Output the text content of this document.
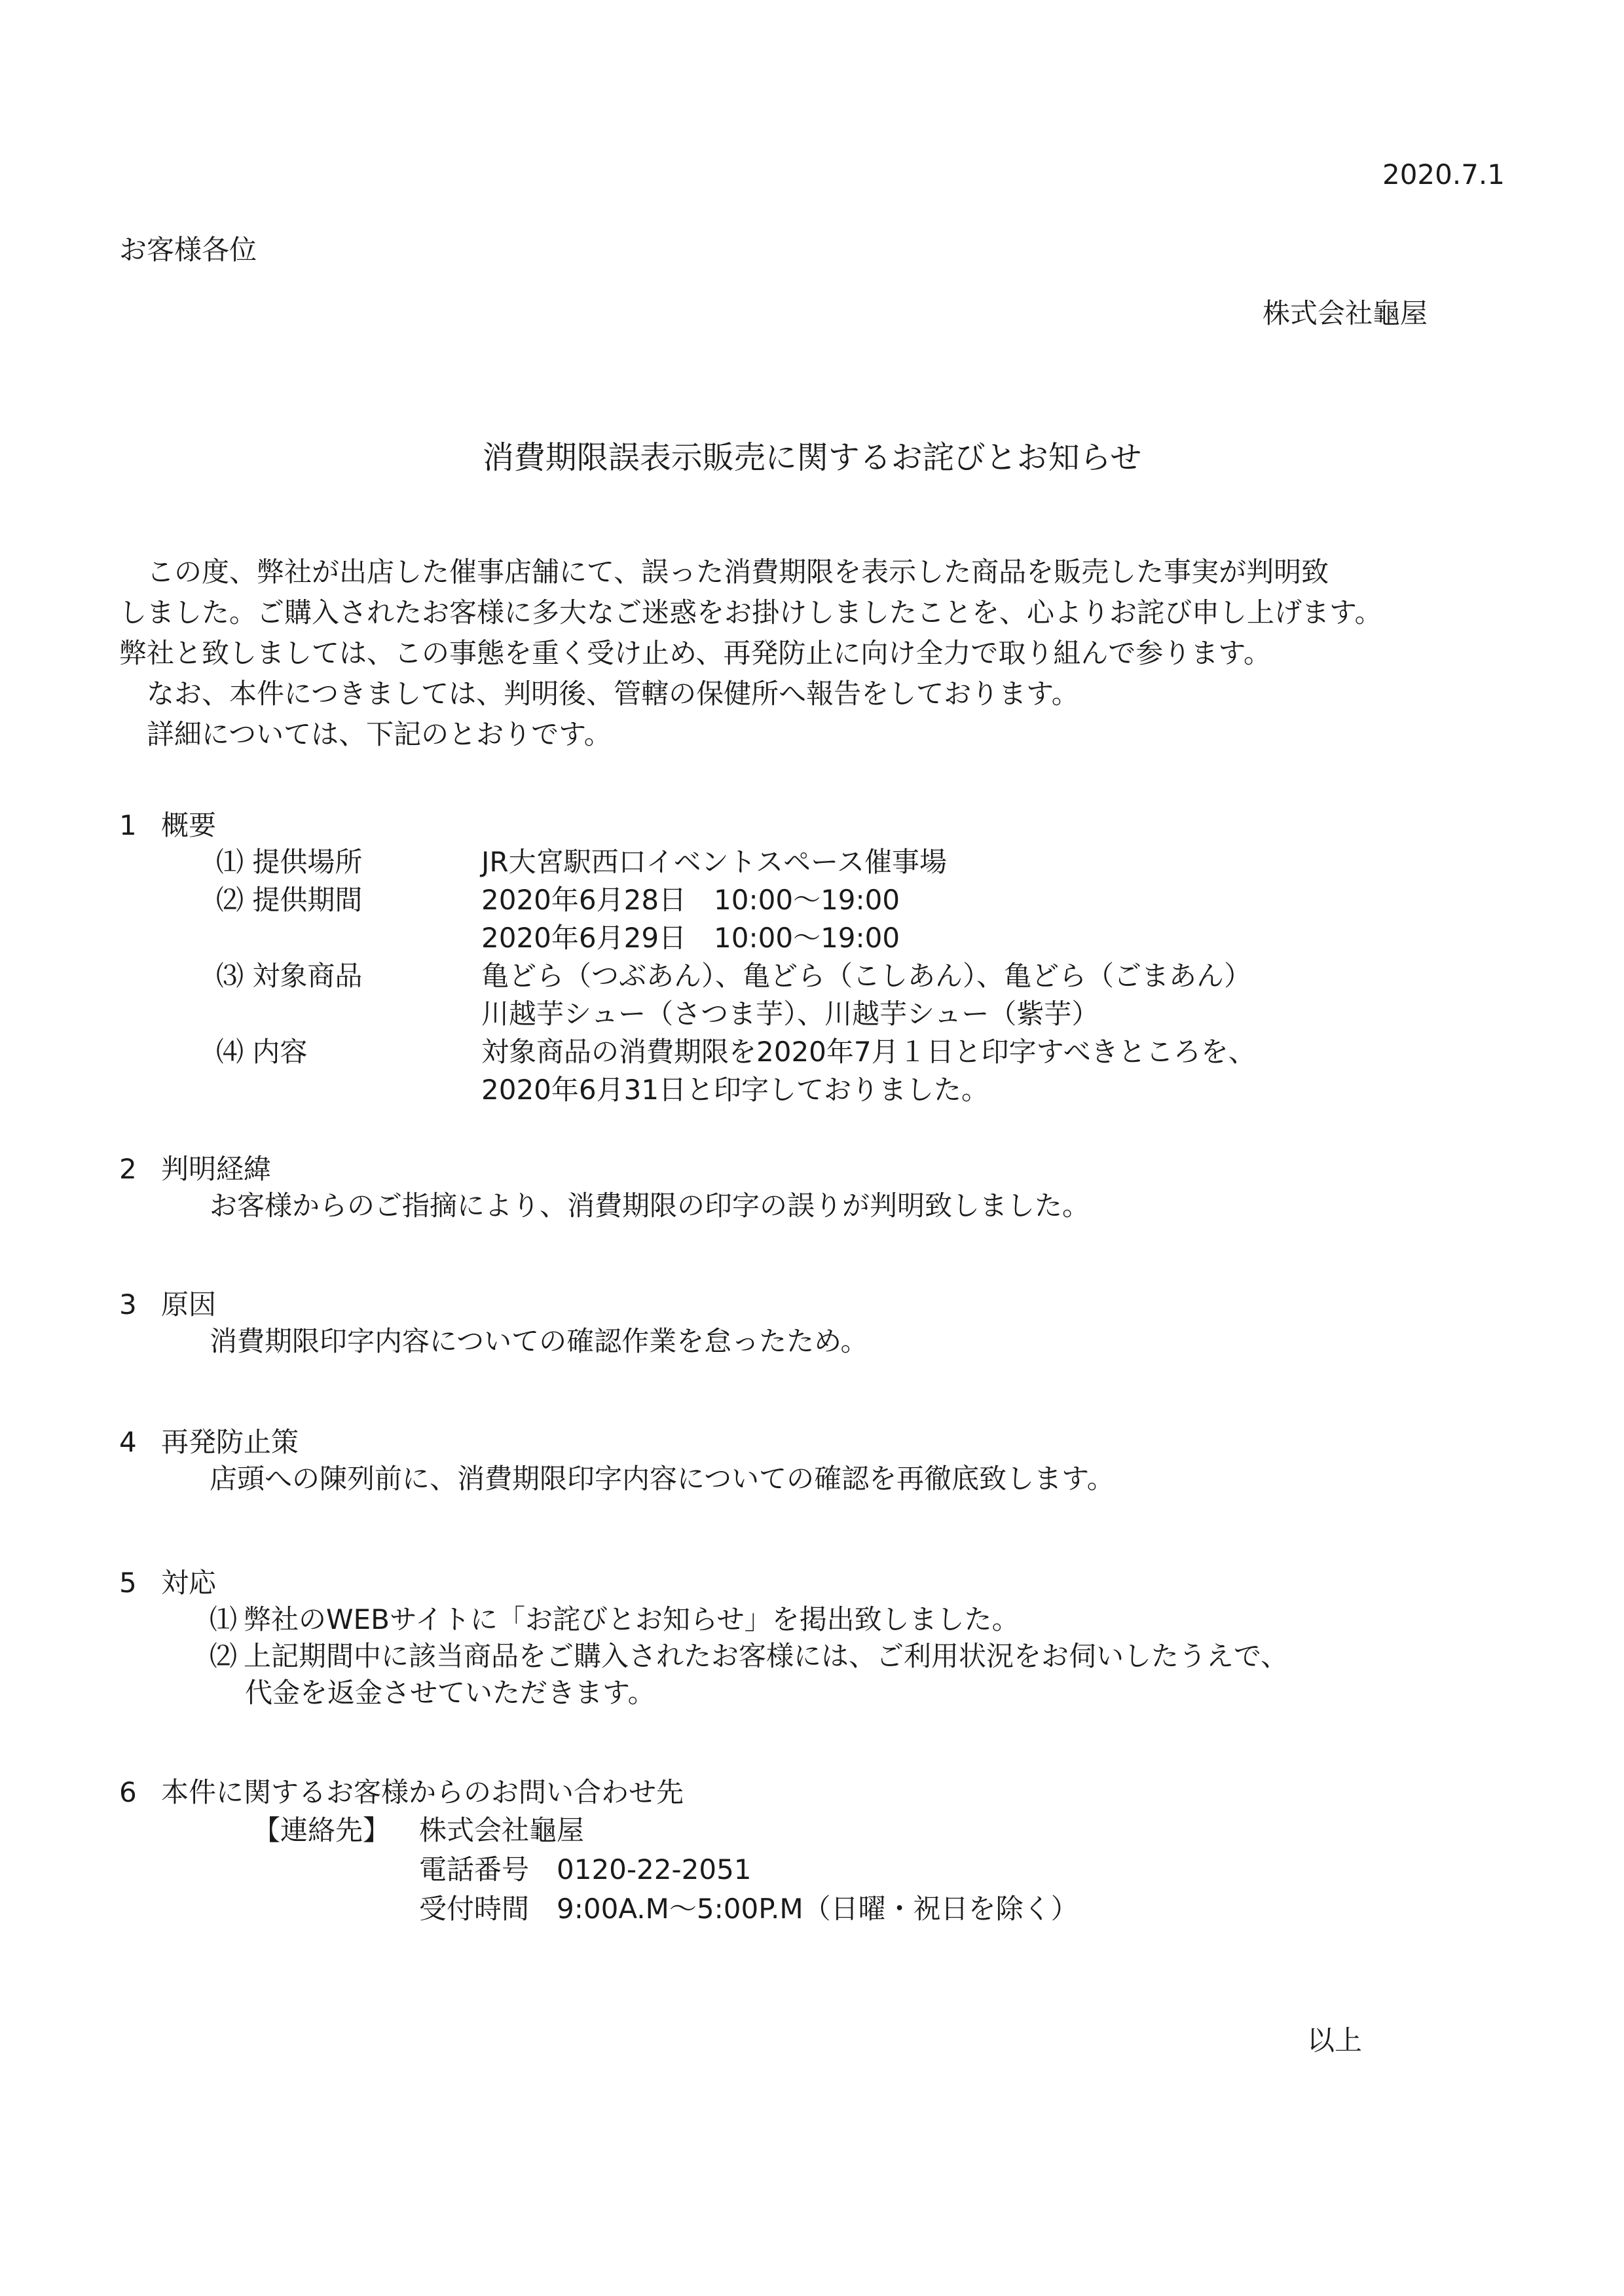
2020.7.1
お客様各位
株式会社龜屋
消費期限誤表示販売に関するお詫びとお知らせ

この度、弊社が出店した催事店舗にて、誤った消費期限を表示した商品を販売した事実が判明致

しました。ご購入されたお客様に多大なご迷惑をお掛けしましたことを、心よりお詫び申し上げます。

弊社と致しましては、この事態を重く受け止め、再発防止に向け全力で取り組んで参ります。

なお、本件につきましては、判明後、管轄の保健所へ報告をしております。

詳細については、下記のとおりです。

1 概要

⑴ 提供場所	JR大宮駅西口イベントスペース催事場
⑵ 提供期間	2020年6月28日　10:00〜19:00
2020年6月29日　10:00〜19:00
⑶ 対象商品	亀どら（つぶあん）、亀どら（こしあん）、亀どら（ごまあん）
川越芋シュー（さつま芋）、川越芋シュー（紫芋）
⑷ 内容	対象商品の消費期限を2020年7月１日と印字すべきところを、
2020年6月31日と印字しておりました。

2 判明経緯

お客様からのご指摘により、消費期限の印字の誤りが判明致しました。

3 原因

消費期限印字内容についての確認作業を怠ったため。

4 再発防止策

店頭への陳列前に、消費期限印字内容についての確認を再徹底致します。

5 対応

⑴ 弊社のWEBサイトに「お詫びとお知らせ」を掲出致しました。
⑵ 上記期間中に該当商品をご購入されたお客様には、ご利用状況をお伺いしたうえで、
代金を返金させていただきます。

6 本件に関するお客様からのお問い合わせ先

【連絡先】 株式会社龜屋
電話番号　0120-22-2051
受付時間　9:00A.M〜5:00P.M（日曜・祝日を除く）
以上
